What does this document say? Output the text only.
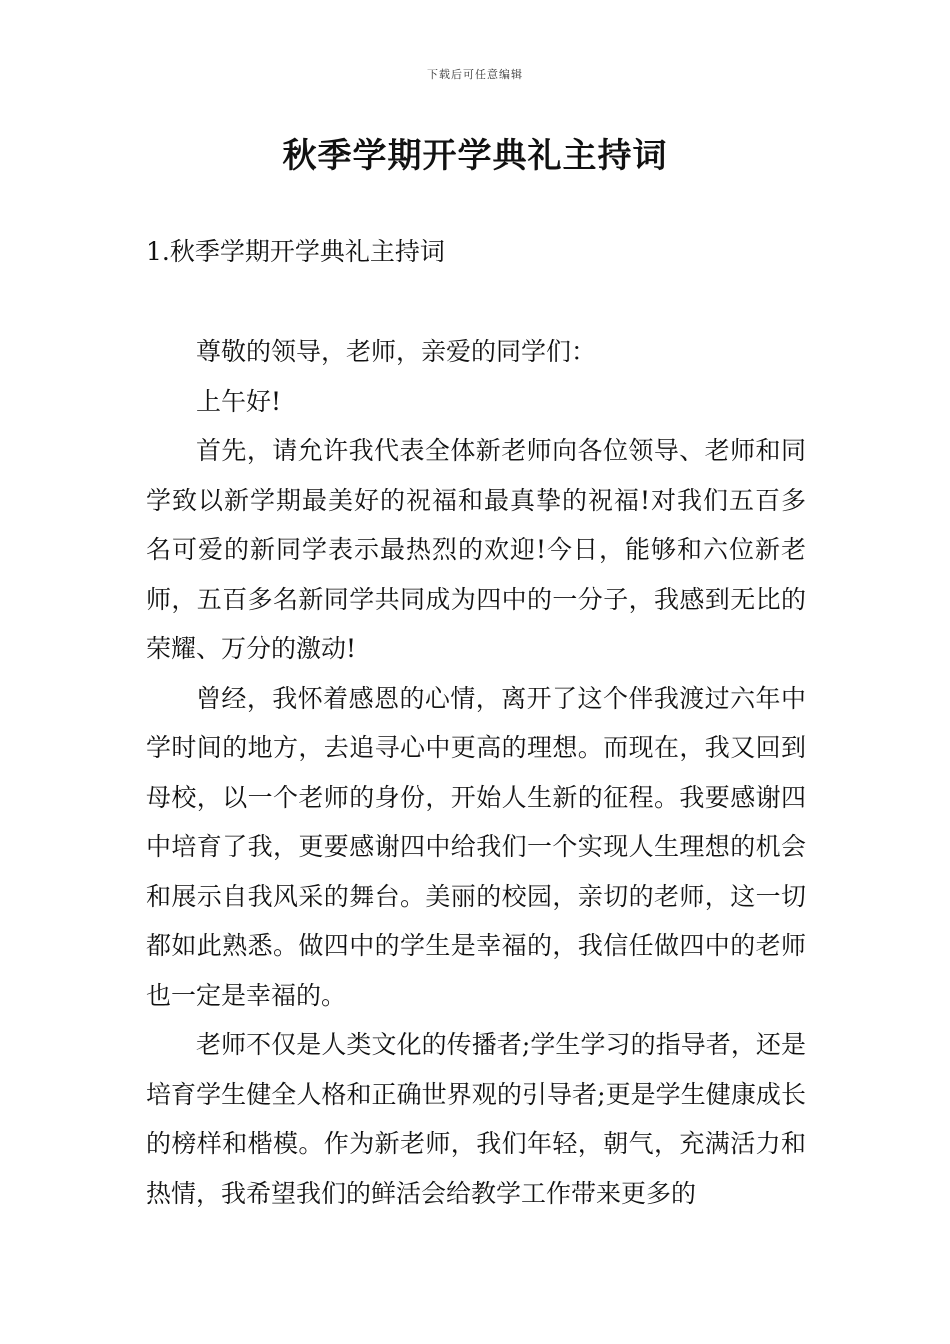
下载后可任意编辑
秋季学期开学典礼主持词
1.秋季学期开学典礼主持词

尊敬的领导，老师，亲爱的同学们：

上午好!

首先，请允许我代表全体新老师向各位领导、老师和同学致以新学期最美好的祝福和最真挚的祝福!对我们五百多名可爱的新同学表示最热烈的欢迎!今日，能够和六位新老师，五百多名新同学共同成为四中的一分子，我感到无比的荣耀、万分的激动!

曾经，我怀着感恩的心情，离开了这个伴我渡过六年中学时间的地方，去追寻心中更高的理想。而现在，我又回到母校，以一个老师的身份，开始人生新的征程。我要感谢四中培育了我，更要感谢四中给我们一个实现人生理想的机会和展示自我风采的舞台。美丽的校园，亲切的老师，这一切都如此熟悉。做四中的学生是幸福的，我信任做四中的老师也一定是幸福的。

老师不仅是人类文化的传播者;学生学习的指导者，还是培育学生健全人格和正确世界观的引导者;更是学生健康成长的榜样和楷模。作为新老师，我们年轻，朝气，充满活力和热情，我希望我们的鲜活会给教学工作带来更多的
